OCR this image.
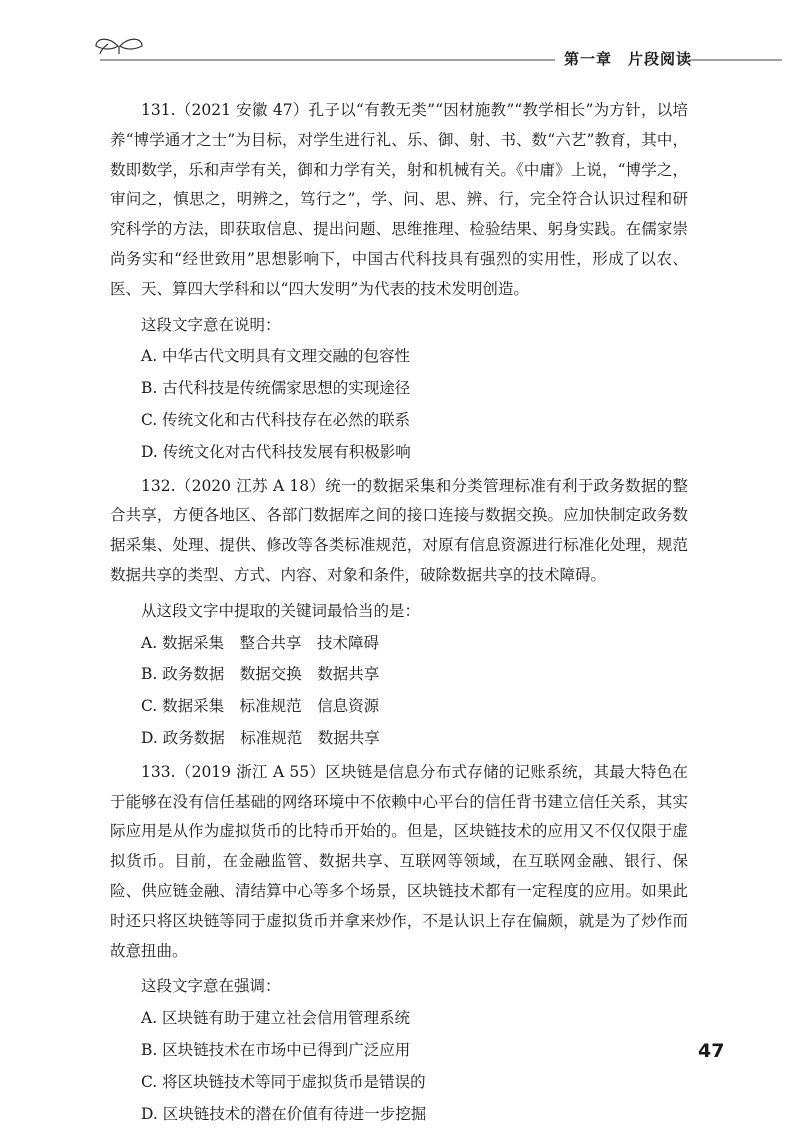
第一章　片段阅读

131.（2021 安徽 47）孔子以“有教无类”“因材施教”“教学相长”为方针，以培养“博学通才之士”为目标，对学生进行礼、乐、御、射、书、数“六艺”教育，其中，数即数学，乐和声学有关，御和力学有关，射和机械有关。《中庸》上说，“博学之，审问之，慎思之，明辨之，笃行之”，学、问、思、辨、行，完全符合认识过程和研究科学的方法，即获取信息、提出问题、思维推理、检验结果、躬身实践。在儒家崇尚务实和“经世致用”思想影响下，中国古代科技具有强烈的实用性，形成了以农、医、天、算四大学科和以“四大发明”为代表的技术发明创造。

这段文字意在说明：

A. 中华古代文明具有文理交融的包容性

B. 古代科技是传统儒家思想的实现途径

C. 传统文化和古代科技存在必然的联系

D. 传统文化对古代科技发展有积极影响

132.（2020 江苏 A 18）统一的数据采集和分类管理标准有利于政务数据的整合共享，方便各地区、各部门数据库之间的接口连接与数据交换。应加快制定政务数据采集、处理、提供、修改等各类标准规范，对原有信息资源进行标准化处理，规范数据共享的类型、方式、内容、对象和条件，破除数据共享的技术障碍。

从这段文字中提取的关键词最恰当的是：

A. 数据采集　整合共享　技术障碍

B. 政务数据　数据交换　数据共享

C. 数据采集　标准规范　信息资源

D. 政务数据　标准规范　数据共享

133.（2019 浙江 A 55）区块链是信息分布式存储的记账系统，其最大特色在于能够在没有信任基础的网络环境中不依赖中心平台的信任背书建立信任关系，其实际应用是从作为虚拟货币的比特币开始的。但是，区块链技术的应用又不仅仅限于虚拟货币。目前，在金融监管、数据共享、互联网等领域，在互联网金融、银行、保险、供应链金融、清结算中心等多个场景，区块链技术都有一定程度的应用。如果此时还只将区块链等同于虚拟货币并拿来炒作，不是认识上存在偏颇，就是为了炒作而故意扭曲。

这段文字意在强调：

A. 区块链有助于建立社会信用管理系统

B. 区块链技术在市场中已得到广泛应用

C. 将区块链技术等同于虚拟货币是错误的

D. 区块链技术的潜在价值有待进一步挖掘

47
